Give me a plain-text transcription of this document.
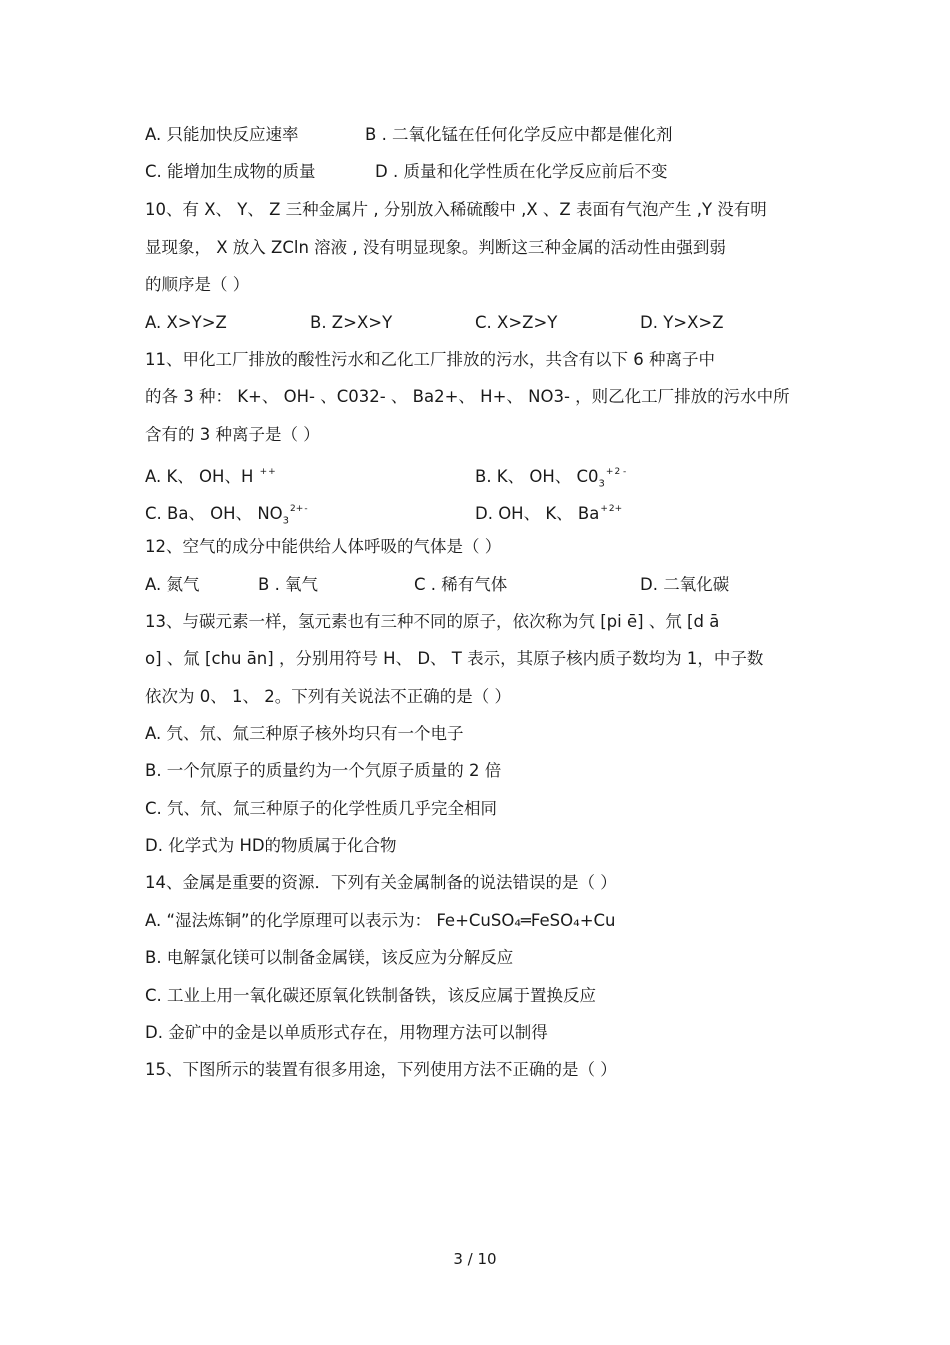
A. 只能加快反应速率	B . 二氧化锰在任何化学反应中都是催化剂
C. 能增加生成物的质量	D . 质量和化学性质在化学反应前后不变
10、有 X、 Y、 Z 三种金属片 , 分别放入稀硫酸中 ,X 、Z 表面有气泡产生 ,Y 没有明
显现象， X 放入 ZCln 溶液 , 没有明显现象。判断这三种金属的活动性由强到弱
的顺序是（ ）
A. X>Y>Z	B. Z>X>Y	C. X>Z>Y	D. Y>X>Z
11、甲化工厂排放的酸性污水和乙化工厂排放的污水，共含有以下 6 种离子中
的各 3 种： K+、 OH- 、C032- 、 Ba2+、 H+、 NO3- ，则乙化工厂排放的污水中所
含有的 3 种离子是（ ）
A. K、 OH、H ++	B. K、 OH、 $C0_3^{+2 -}$
C. Ba、 OH、 $NO_3^{2+-}$	D. OH、 K、 $Ba^{+2+}$
12、空气的成分中能供给人体呼吸的气体是（ ）
A. 氮气	B . 氧气	C . 稀有气体	D. 二氧化碳
13、与碳元素一样，氢元素也有三种不同的原子，依次称为氕 [pi ē] 、氘 [d ā
o] 、氚 [chu ān] ，分别用符号 H、 D、 T 表示，其原子核内质子数均为 1，中子数
依次为 0、 1、 2。下列有关说法不正确的是（ ）
A. 氕、氘、氚三种原子核外均只有一个电子
B. 一个氘原子的质量约为一个氕原子质量的 2 倍
C. 氕、氘、氚三种原子的化学性质几乎完全相同
D. 化学式为 HD的物质属于化合物
14、金属是重要的资源．下列有关金属制备的说法错误的是（ ）
A. “湿法炼铜”的化学原理可以表示为： Fe+CuSO₄═FeSO₄+Cu
B. 电解氯化镁可以制备金属镁，该反应为分解反应
C. 工业上用一氧化碳还原氧化铁制备铁，该反应属于置换反应
D. 金矿中的金是以单质形式存在，用物理方法可以制得
15、下图所示的装置有很多用途，下列使用方法不正确的是（ ）
3 / 10
